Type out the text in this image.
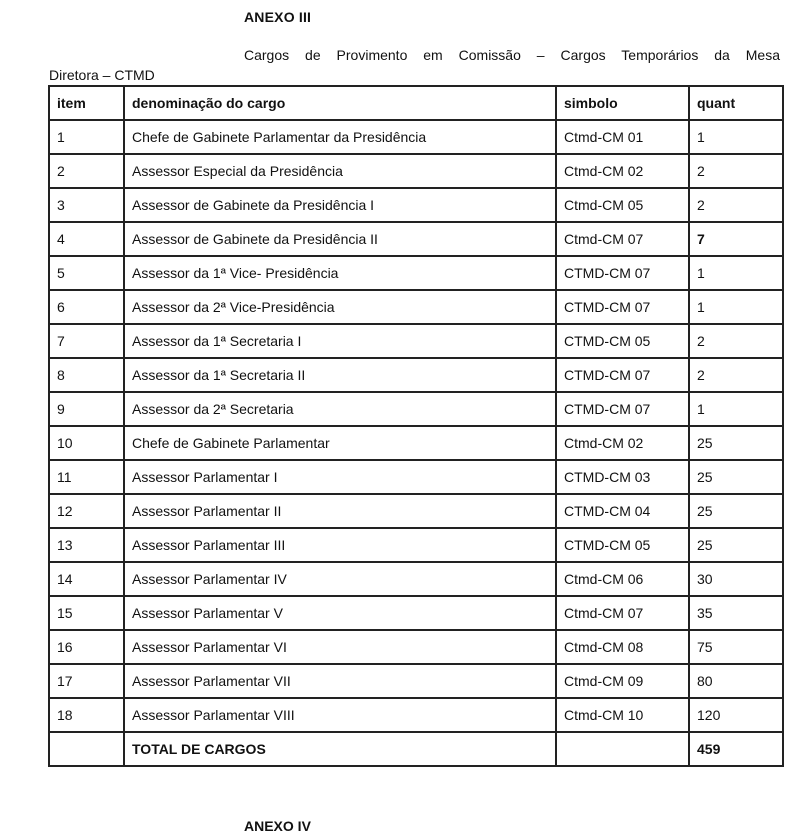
ANEXO III
Cargos de Provimento em Comissão – Cargos Temporários da Mesa
Diretora – CTMD
item	denominação do cargo	simbolo	quant
1	Chefe de Gabinete Parlamentar da Presidência	Ctmd-CM 01	1
2	Assessor Especial da Presidência	Ctmd-CM 02	2
3	Assessor de Gabinete da Presidência I	Ctmd-CM 05	2
4	Assessor de Gabinete da Presidência II	Ctmd-CM 07	7
5	Assessor da 1ª Vice- Presidência	CTMD-CM 07	1
6	Assessor da 2ª Vice-Presidência	CTMD-CM 07	1
7	Assessor da 1ª Secretaria I	CTMD-CM 05	2
8	Assessor da 1ª Secretaria II	CTMD-CM 07	2
9	Assessor da 2ª Secretaria	CTMD-CM 07	1
10	Chefe de Gabinete Parlamentar	Ctmd-CM 02	25
11	Assessor Parlamentar I	CTMD-CM 03	25
12	Assessor Parlamentar II	CTMD-CM 04	25
13	Assessor Parlamentar III	CTMD-CM 05	25
14	Assessor Parlamentar IV	Ctmd-CM 06	30
15	Assessor Parlamentar V	Ctmd-CM 07	35
16	Assessor Parlamentar VI	Ctmd-CM 08	75
17	Assessor Parlamentar VII	Ctmd-CM 09	80
18	Assessor Parlamentar VIII	Ctmd-CM 10	120
	TOTAL DE CARGOS		459
ANEXO IV
